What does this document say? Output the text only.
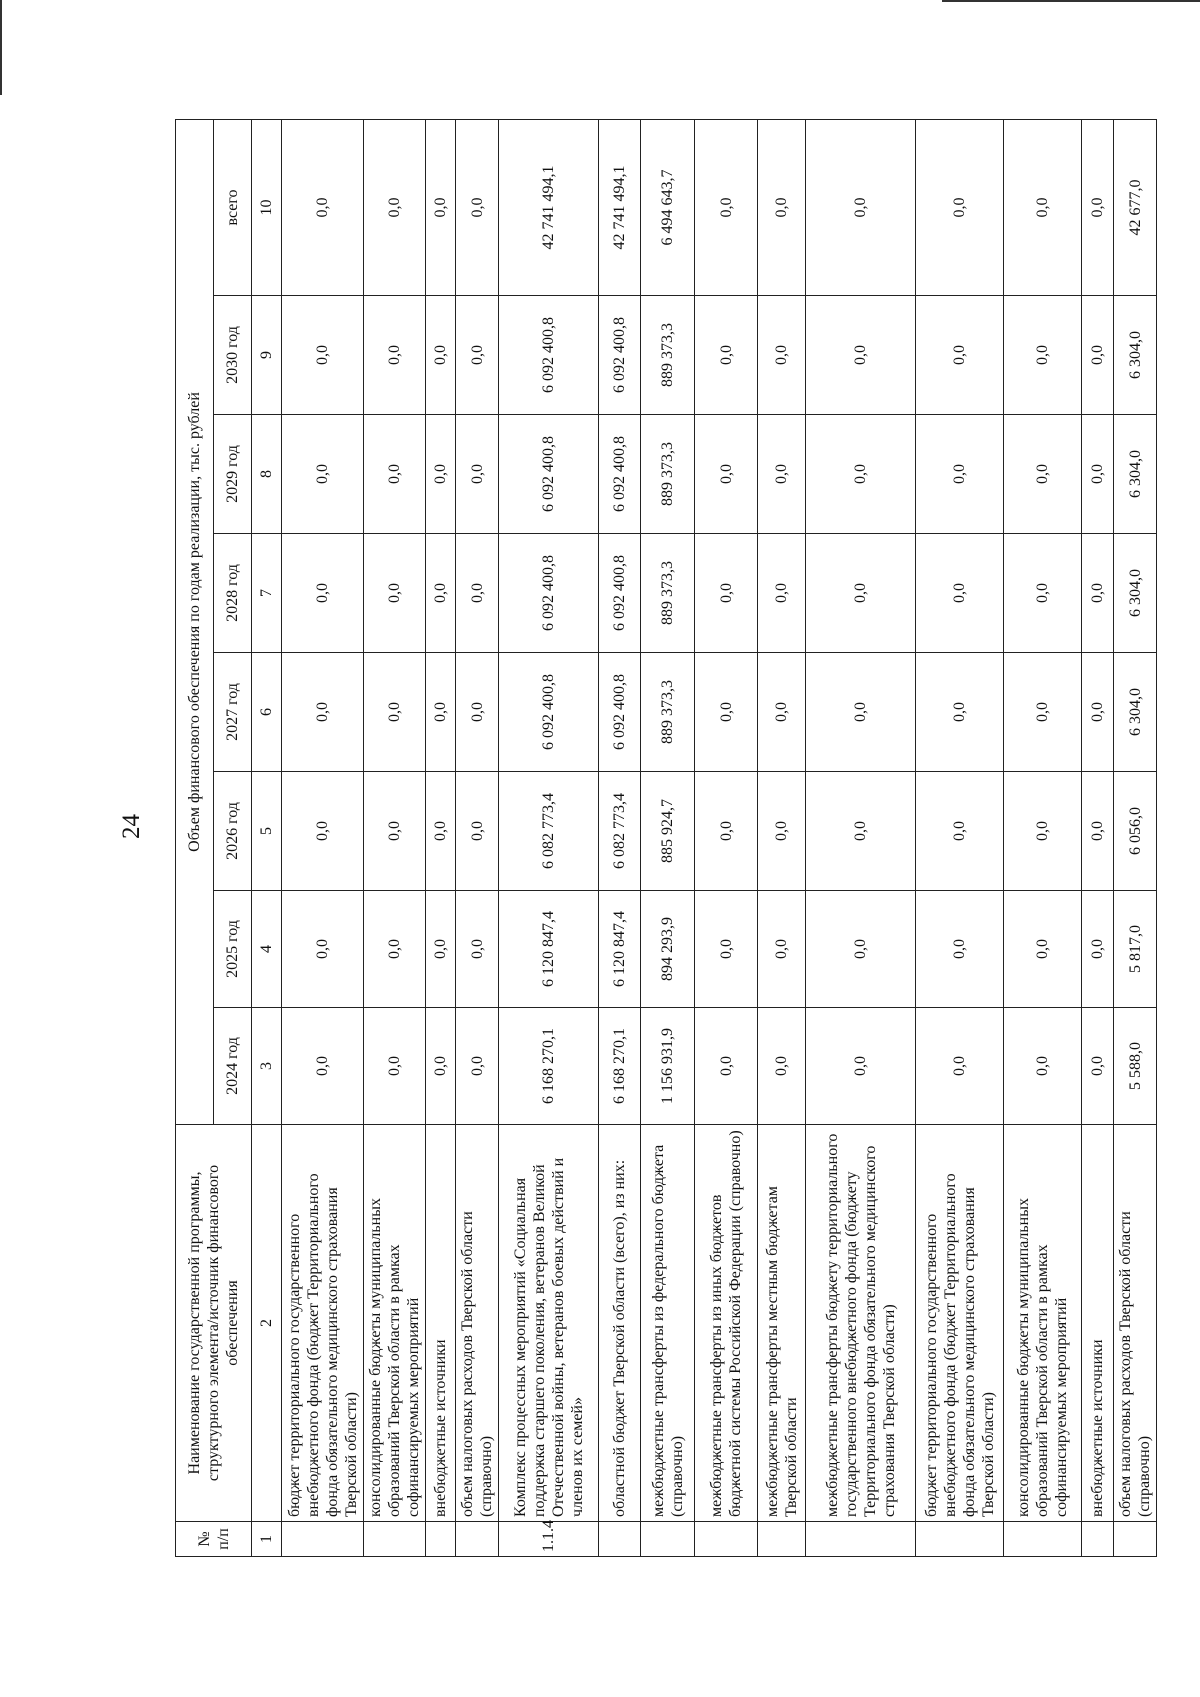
24
№ п/п	Наименование государственной программы, структурного элемента/источник финансового обеспечения	Объем финансового обеспечения по годам реализации, тыс. рублей							
		2024 год	2025 год	2026 год	2027 год	2028 год	2029 год	2030 год	всего
1	2	3	4	5	6	7	8	9	10
	бюджет территориального государственного внебюджетного фонда (бюджет Территориального фонда обязательного медицинского страхования Тверской области)	0,0	0,0	0,0	0,0	0,0	0,0	0,0	0,0
	консолидированные бюджеты муниципальных образований Тверской области в рамках софинансируемых мероприятий	0,0	0,0	0,0	0,0	0,0	0,0	0,0	0,0
	внебюджетные источники	0,0	0,0	0,0	0,0	0,0	0,0	0,0	0,0
	объем налоговых расходов Тверской области (справочно)	0,0	0,0	0,0	0,0	0,0	0,0	0,0	0,0
1.1.4	Комплекс процессных мероприятий «Социальная поддержка старшего поколения, ветеранов Великой Отечественной войны, ветеранов боевых действий и членов их семей»	6 168 270,1	6 120 847,4	6 082 773,4	6 092 400,8	6 092 400,8	6 092 400,8	6 092 400,8	42 741 494,1
	областной бюджет Тверской области (всего), из них:	6 168 270,1	6 120 847,4	6 082 773,4	6 092 400,8	6 092 400,8	6 092 400,8	6 092 400,8	42 741 494,1
	межбюджетные трансферты из федерального бюджета (справочно)	1 156 931,9	894 293,9	885 924,7	889 373,3	889 373,3	889 373,3	889 373,3	6 494 643,7
	межбюджетные трансферты из иных бюджетов бюджетной системы Российской Федерации (справочно)	0,0	0,0	0,0	0,0	0,0	0,0	0,0	0,0
	межбюджетные трансферты местным бюджетам Тверской области	0,0	0,0	0,0	0,0	0,0	0,0	0,0	0,0
	межбюджетные трансферты бюджету территориального государственного внебюджетного фонда (бюджету Территориального фонда обязательного медицинского страхования Тверской области)	0,0	0,0	0,0	0,0	0,0	0,0	0,0	0,0
	бюджет территориального государственного внебюджетного фонда (бюджет Территориального фонда обязательного медицинского страхования Тверской области)	0,0	0,0	0,0	0,0	0,0	0,0	0,0	0,0
	консолидированные бюджеты муниципальных образований Тверской области в рамках софинансируемых мероприятий	0,0	0,0	0,0	0,0	0,0	0,0	0,0	0,0
	внебюджетные источники	0,0	0,0	0,0	0,0	0,0	0,0	0,0	0,0
	объем налоговых расходов Тверской области (справочно)	5 588,0	5 817,0	6 056,0	6 304,0	6 304,0	6 304,0	6 304,0	42 677,0
